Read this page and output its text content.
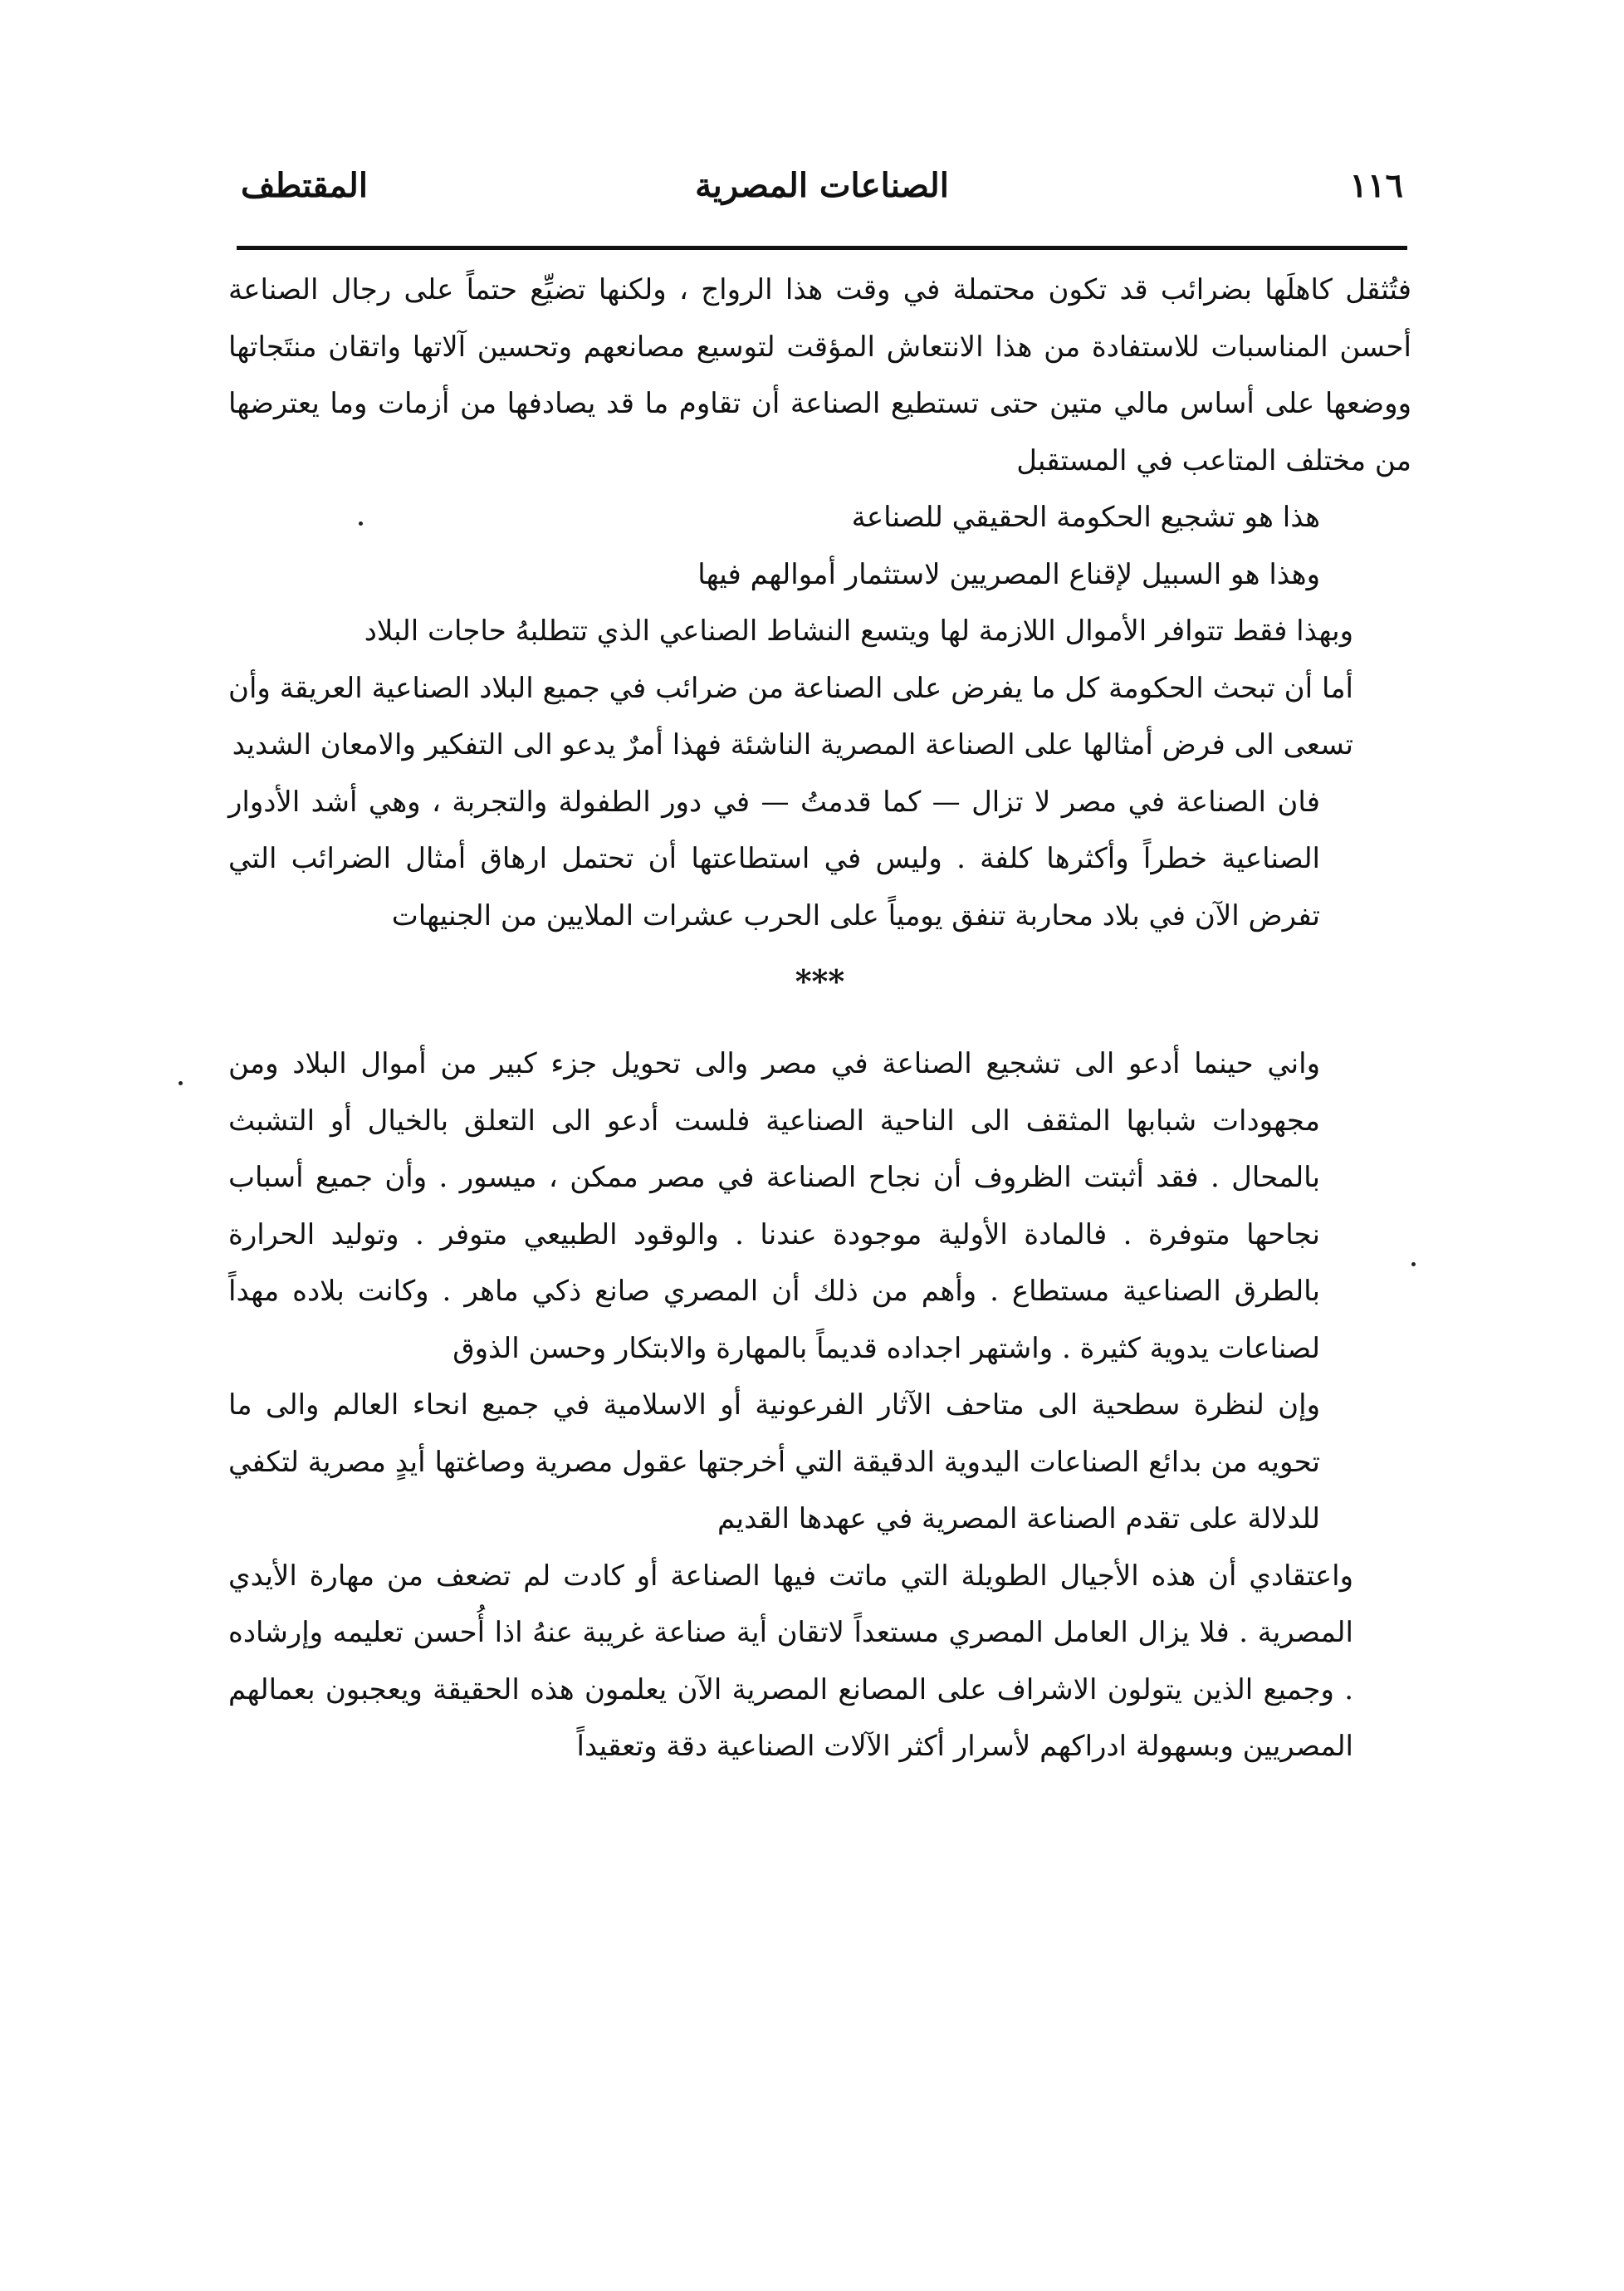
١١٦
الصناعات المصرية
المقتطف

فتُثقل كاهلَها بضرائب قد تكون محتملة في وقت هذا الرواج ، ولكنها تضيِّع حتماً على رجال الصناعة أحسن المناسبات للاستفادة من هذا الانتعاش المؤقت لتوسيع مصانعهم وتحسين آلاتها واتقان منتَجاتها ووضعها على أساس مالي متين حتى تستطيع الصناعة أن تقاوم ما قد يصادفها من أزمات وما يعترضها من مختلف المتاعب في المستقبل

هذا هو تشجيع الحكومة الحقيقي للصناعة

وهذا هو السبيل لإقناع المصريين لاستثمار أموالهم فيها

وبهذا فقط تتوافر الأموال اللازمة لها ويتسع النشاط الصناعي الذي تتطلبهُ حاجات البلاد

أما أن تبحث الحكومة كل ما يفرض على الصناعة من ضرائب في جميع البلاد الصناعية العريقة وأن تسعى الى فرض أمثالها على الصناعة المصرية الناشئة فهذا أمرٌ يدعو الى التفكير والامعان الشديد

فان الصناعة في مصر لا تزال — كما قدمتُ — في دور الطفولة والتجربة ، وهي أشد الأدوار الصناعية خطراً وأكثرها كلفة . وليس في استطاعتها أن تحتمل ارهاق أمثال الضرائب التي تفرض الآن في بلاد محاربة تنفق يومياً على الحرب عشرات الملايين من الجنيهات

***

واني حينما أدعو الى تشجيع الصناعة في مصر والى تحويل جزء كبير من أموال البلاد ومن مجهودات شبابها المثقف الى الناحية الصناعية فلست أدعو الى التعلق بالخيال أو التشبث بالمحال . فقد أثبتت الظروف أن نجاح الصناعة في مصر ممكن ، ميسور . وأن جميع أسباب نجاحها متوفرة . فالمادة الأولية موجودة عندنا . والوقود الطبيعي متوفر . وتوليد الحرارة بالطرق الصناعية مستطاع . وأهم من ذلك أن المصري صانع ذكي ماهر . وكانت بلاده مهداً لصناعات يدوية كثيرة . واشتهر اجداده قديماً بالمهارة والابتكار وحسن الذوق

وإن لنظرة سطحية الى متاحف الآثار الفرعونية أو الاسلامية في جميع انحاء العالم والى ما تحويه من بدائع الصناعات اليدوية الدقيقة التي أخرجتها عقول مصرية وصاغتها أيدٍ مصرية لتكفي للدلالة على تقدم الصناعة المصرية في عهدها القديم

واعتقادي أن هذه الأجيال الطويلة التي ماتت فيها الصناعة أو كادت لم تضعف من مهارة الأيدي المصرية . فلا يزال العامل المصري مستعداً لاتقان أية صناعة غريبة عنهُ اذا أُحسن تعليمه وإرشاده . وجميع الذين يتولون الاشراف على المصانع المصرية الآن يعلمون هذه الحقيقة ويعجبون بعمالهم المصريين وبسهولة ادراكهم لأسرار أكثر الآلات الصناعية دقة وتعقيداً
